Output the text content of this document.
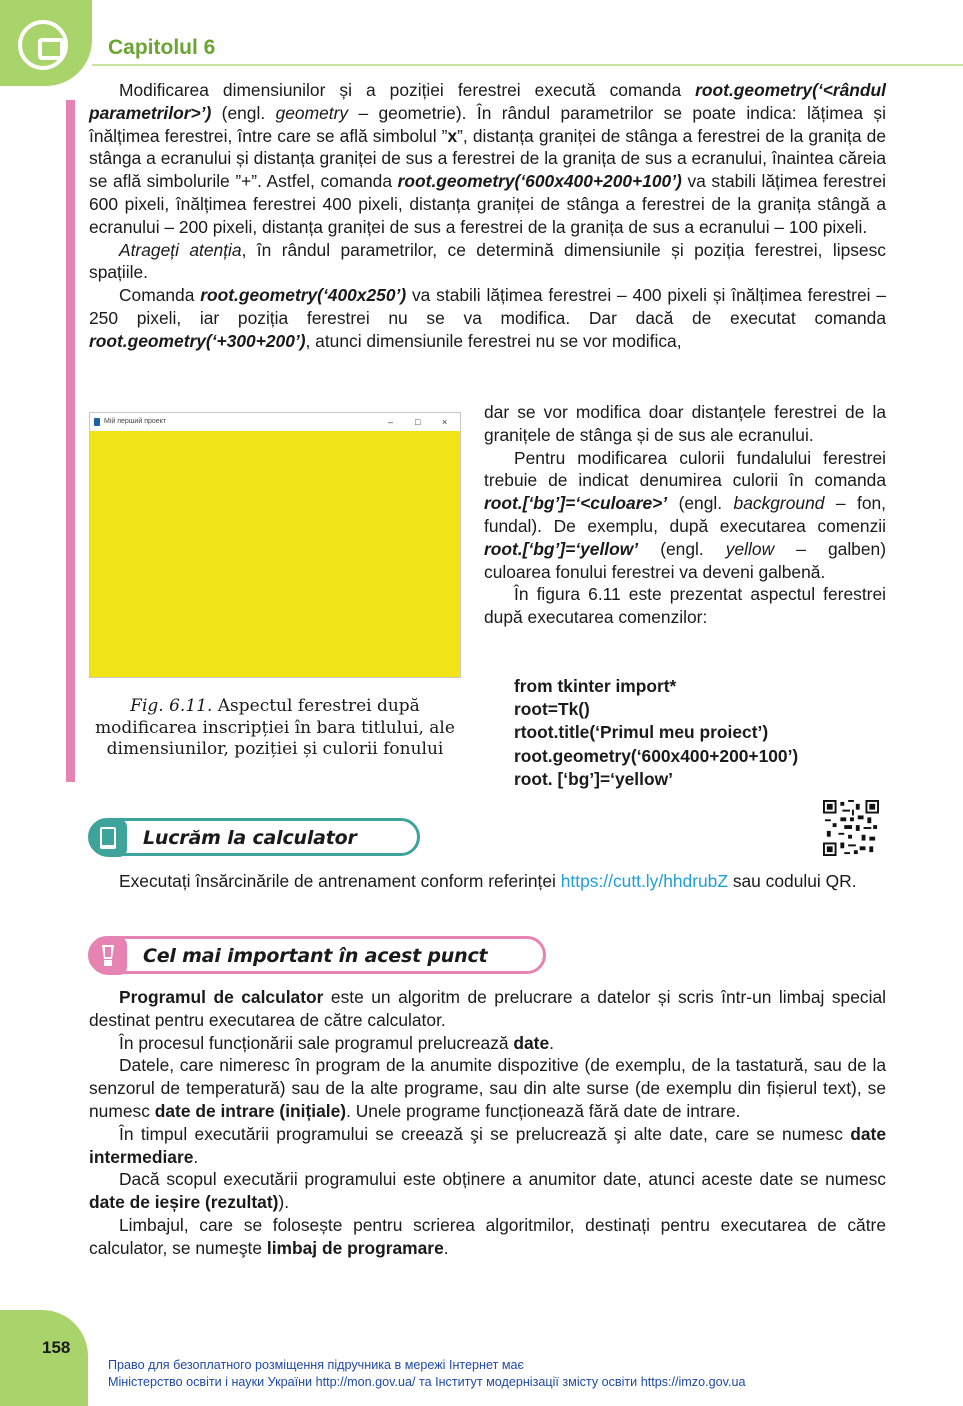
Capitolul 6

Modificarea dimensiunilor și a poziției ferestrei execută comanda root.geometry(‘<rândul parametrilor>’) (engl. geometry – geometrie). În rândul parametrilor se poate indica: lățimea și înălțimea ferestrei, între care se află simbolul ”x”, distanța graniței de stânga a ferestrei de la granița de stânga a ecranului și distanța graniței de sus a ferestrei de la granița de sus a ecranului, înaintea căreia se află simbolurile ”+”. Astfel, comanda root.geometry(‘600x400+200+100’) va stabili lățimea ferestrei 600 pixeli, înălțimea ferestrei 400 pixeli, distanța graniței de stânga a ferestrei de la granița stângă a ecranului – 200 pixeli, distanța graniței de sus a ferestrei de la granița de sus a ecranului – 100 pixeli.

Atrageți atenția, în rândul parametrilor, ce determină dimensiunile și poziția ferestrei, lipsesc spațiile.

Comanda root.geometry(‘400x250’) va stabili lățimea ferestrei – 400 pixeli și înălțimea ferestrei – 250 pixeli, iar poziția ferestrei nu se va modifica. Dar dacă de executat comanda root.geometry(‘+300+200’), atunci dimensiunile ferestrei nu se vor modifica,

Мій перший проект	– □ ×
Fig. 6.11. Aspectul ferestrei după modificarea inscripției în bara titlului, ale dimensiunilor, poziției și culorii fonului

dar se vor modifica doar distanțele ferestrei de la granițele de stânga și de sus ale ecranului.

Pentru modificarea culorii fundalului ferestrei trebuie de indicat denumirea culorii în comanda root.[‘bg’]=‘<culoare>’ (engl. background – fon, fundal). De exemplu, după executarea comenzii root.[‘bg’]=‘yellow’ (engl. yellow – galben) culoarea fonului ferestrei va deveni galbenă.

În figura 6.11 este prezentat aspectul ferestrei după executarea comenzilor:

from tkinter import*
root=Tk()
rtoot.title(‘Primul meu proiect’)
root.geometry(‘600x400+200+100’)
root. [‘bg’]=‘yellow’
Lucrăm la calculator

Executați însărcinările de antrenament conform referinței https://cutt.ly/hhdrubZ sau codului QR.

Cel mai important în acest punct

Programul de calculator este un algoritm de prelucrare a datelor și scris într-un limbaj special destinat pentru executarea de către calculator.

În procesul funcționării sale programul prelucrează date.

Datele, care nimeresc în program de la anumite dispozitive (de exemplu, de la tastatură, sau de la senzorul de temperatură) sau de la alte programe, sau din alte surse (de exemplu din fișierul text), se numesc date de intrare (inițiale). Unele programe funcționează fără date de intrare.

În timpul executării programului se creează şi se prelucrează şi alte date, care se numesc date intermediare.

Dacă scopul executării programului este obținere a anumitor date, atunci aceste date se numesc date de ieșire (rezultat)).

Limbajul, care se folosește pentru scrierea algoritmilor, destinați pentru executarea de către calculator, se numeşte limbaj de programare.

158
Право для безоплатного розміщення підручника в мережі Інтернет має
Міністерство освіти і науки України http://mon.gov.ua/ та Інститут модернізації змісту освіти https://imzo.gov.ua
